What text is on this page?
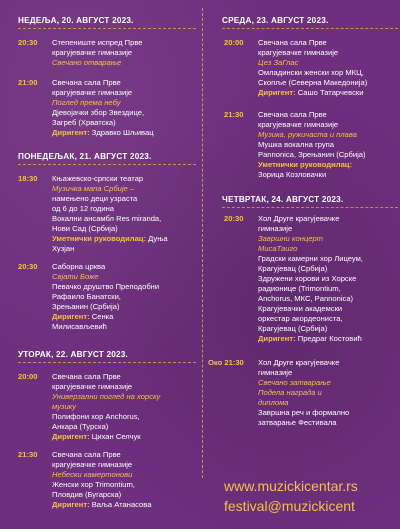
НЕДЕЉА, 20. АВГУСТ 2023.
20:30 Степениште испред Прве
крагујевачке гимназије
Свечано отварање
21:00 Свечана сала Прве
крагујевачке гимназије
Поглед према небу
Дјевојачки збор Звездице,
Загреб (Хрватска)
Диригент: Здравко Шљивац
ПОНЕДЕЉАК, 21. АВГУСТ 2023.
18:30 Књажевско-српски театар
Музичка мапа Србије –
намењено деци узраста
од 6 до 12 година
Вокални ансамбл Res miranda,
Нови Сад (Србија)
Уметнички руководилац: Дуња
Хузјан
20:30 Саборна црква
Свјати Боже
Певачко друштво Преподобни
Рафаило Банатски,
Зрењанин (Србија)
Диригент: Сенка
Милисављевић
УТОРАК, 22. АВГУСТ 2023.
20:00 Свечана сала Прве
крагујевачке гимназије
Универзални поглед на хорску
музику
Полифони хор Anchorus,
Анкара (Турска)
Диригент: Цихан Селчук
21:30 Свечана сала Прве
крагујевачке гимназије
Небески камертонови
Женски хор Trimontium,
Пловдив (Бугарска)
Диригент: Ваља Атанасова
СРЕДА, 23. АВГУСТ 2023.
20:00 Свечана сала Прве
крагујевачке гимназије
Цез ЗаГлас
Омладински женски хор МКЦ,
Скопље (Северна Македонија)
Диригент: Сашо Татарчевски
21:30 Свечана сала Прве
крагујевачке гимназије
Музика, ружичаста и плава
Мушка вокална група
Pannonica, Зрењанин (Србија)
Уметнички руководилац:
Зорица Козловачки
ЧЕТВРТАК, 24. АВГУСТ 2023.
20:30 Хол Друге крагујевачке
гимназије
Завршни концерт
МисаТаиго
Градски камерни хор Лицеум,
Крагујевац (Србија)
Здружени хорови из Хорске
радионице (Trimontium,
Anchorus, МКС, Pannonica)
Крагујевачки академски
оркестар акордеониста,
Крагујевац (Србија)
Диригент: Предраг Костовић
Око 21:30 Хол Друге крагујевачке
гимназије
Свечано затварање
Подела награда и
диплома
Завршна реч и формално
затварање Фестивала
www.muzickicentar.rs
festival@muzickicent
